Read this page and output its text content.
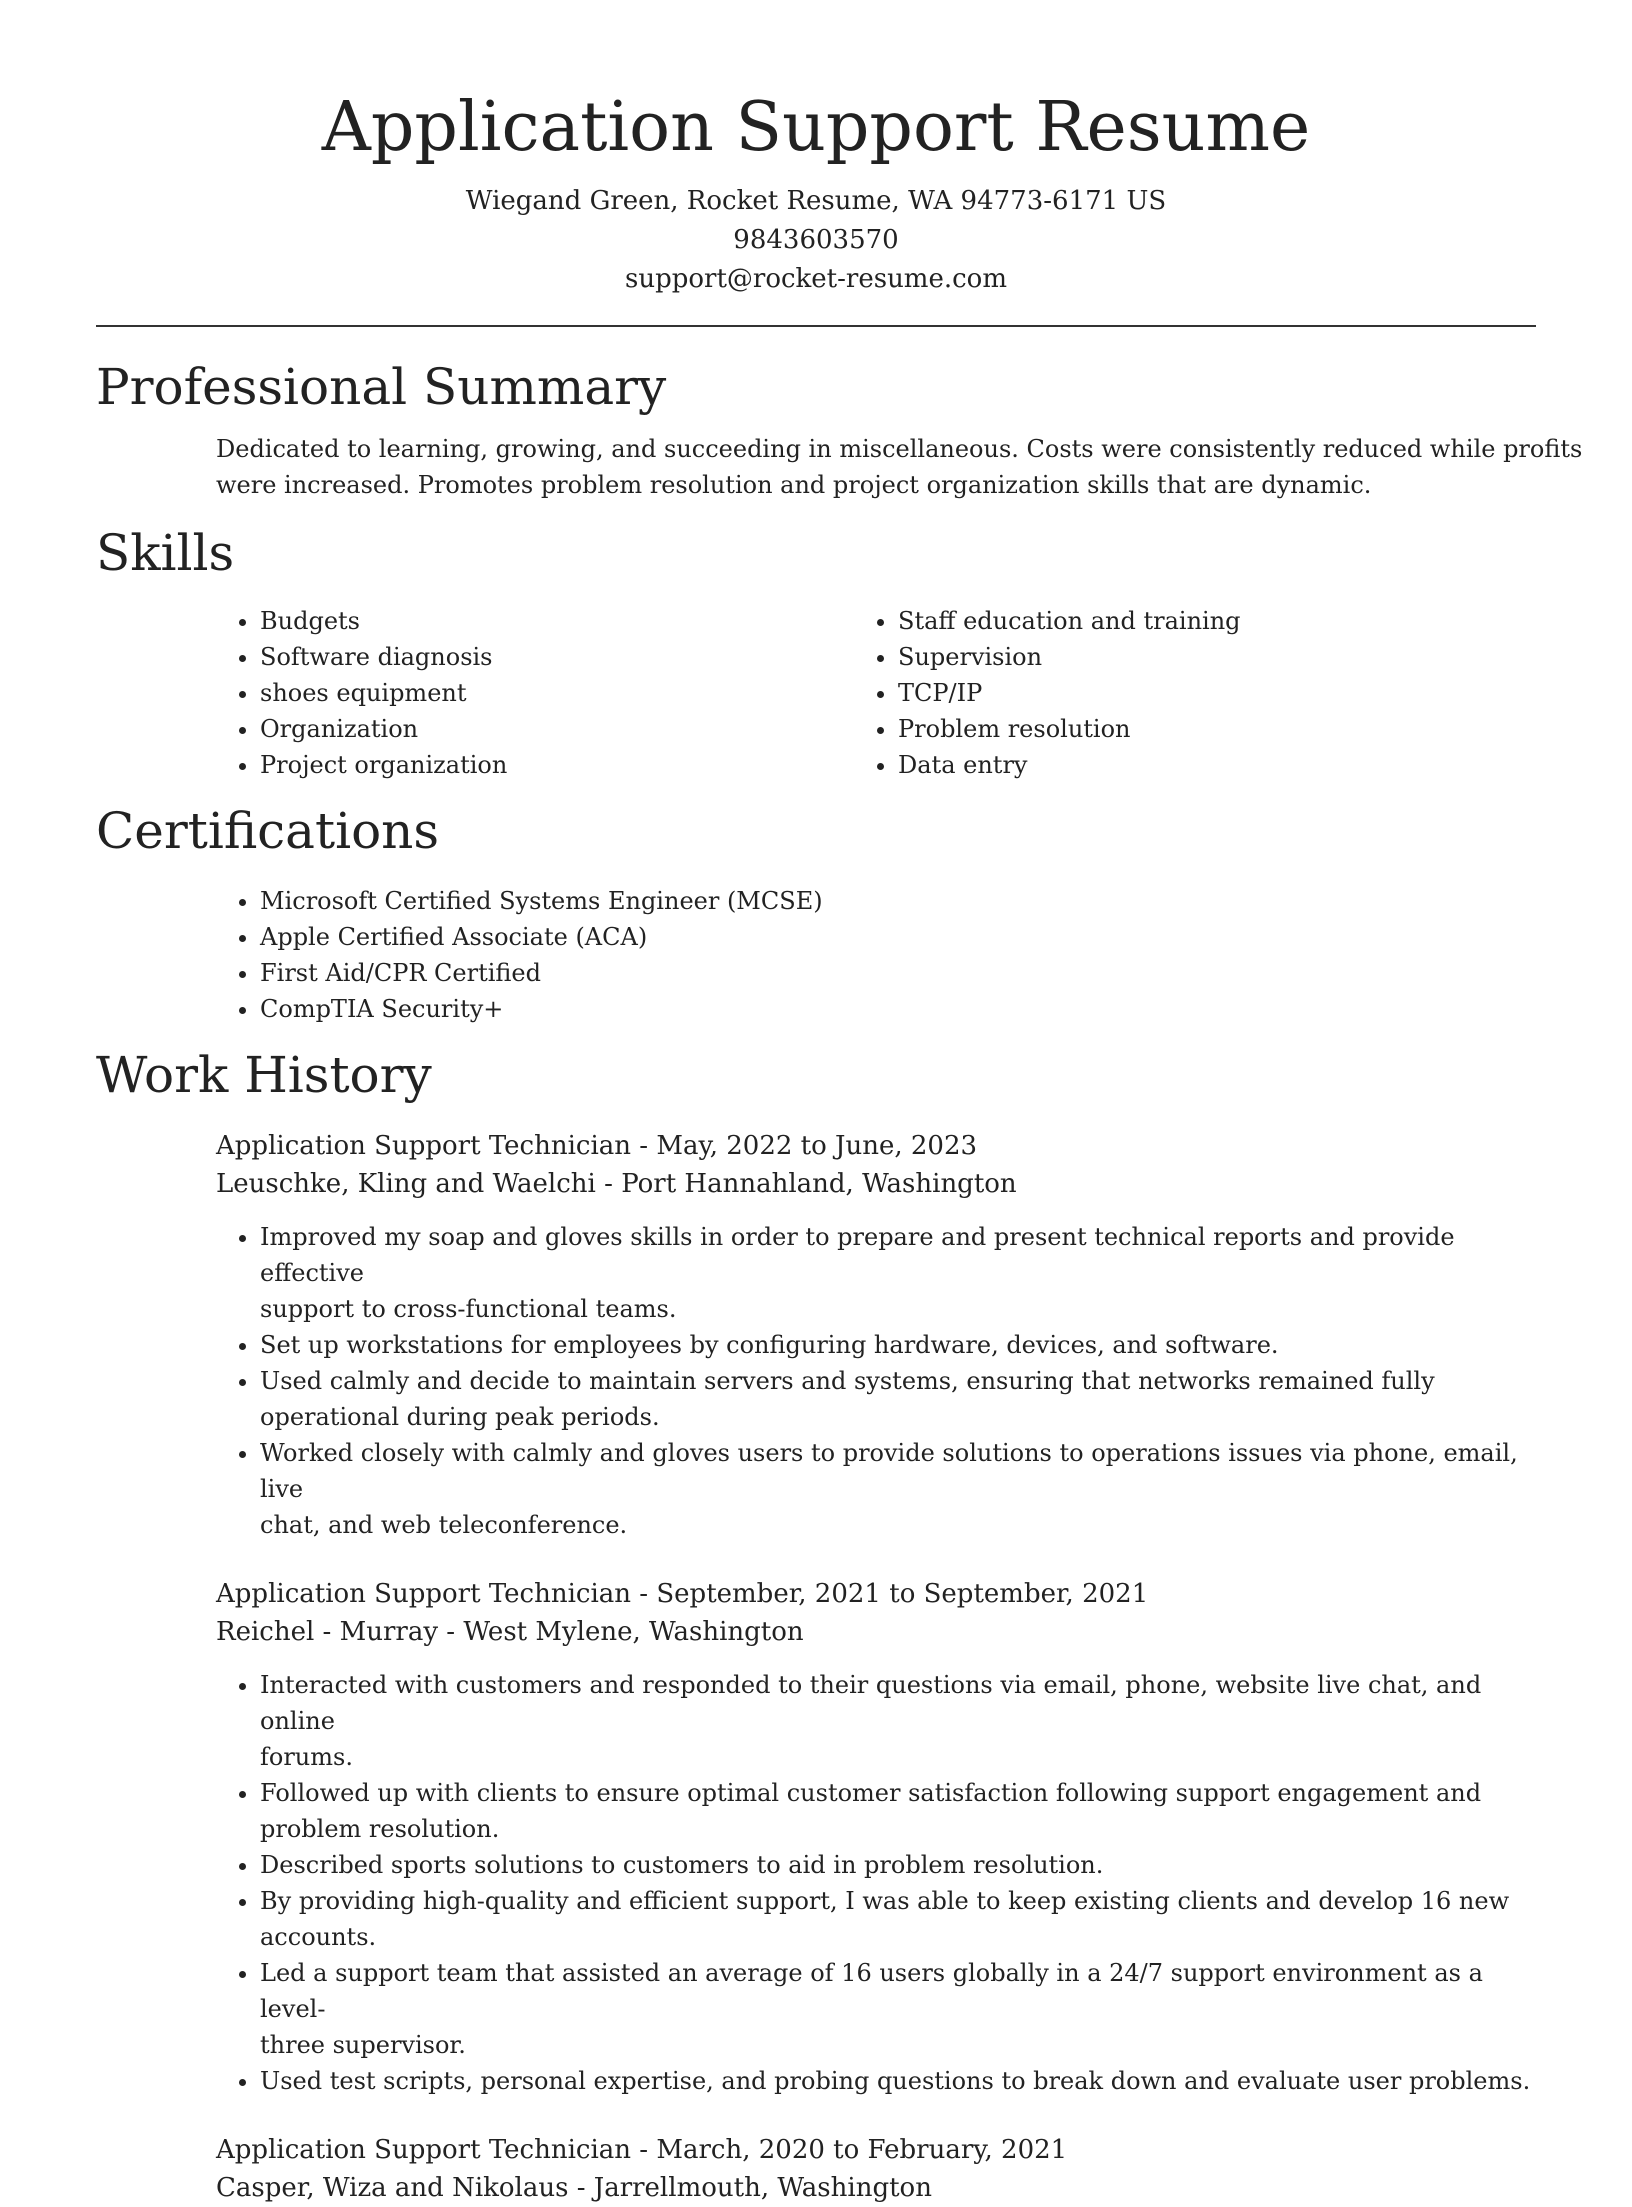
Application Support Resume
Wiegand Green, Rocket Resume, WA 94773-6171 US
9843603570
support@rocket-resume.com
Professional Summary
Dedicated to learning, growing, and succeeding in miscellaneous. Costs were consistently reduced while profits
were increased. Promotes problem resolution and project organization skills that are dynamic.
Skills
• Budgets
• Software diagnosis
• shoes equipment
• Organization
• Project organization
• Staff education and training
• Supervision
• TCP/IP
• Problem resolution
• Data entry
Certifications
• Microsoft Certified Systems Engineer (MCSE)
• Apple Certified Associate (ACA)
• First Aid/CPR Certified
• CompTIA Security+
Work History
Application Support Technician - May, 2022 to June, 2023
Leuschke, Kling and Waelchi - Port Hannahland, Washington
• Improved my soap and gloves skills in order to prepare and present technical reports and provide effective
support to cross-functional teams.
• Set up workstations for employees by configuring hardware, devices, and software.
• Used calmly and decide to maintain servers and systems, ensuring that networks remained fully
operational during peak periods.
• Worked closely with calmly and gloves users to provide solutions to operations issues via phone, email, live
chat, and web teleconference.
Application Support Technician - September, 2021 to September, 2021
Reichel - Murray - West Mylene, Washington
• Interacted with customers and responded to their questions via email, phone, website live chat, and online
forums.
• Followed up with clients to ensure optimal customer satisfaction following support engagement and
problem resolution.
• Described sports solutions to customers to aid in problem resolution.
• By providing high-quality and efficient support, I was able to keep existing clients and develop 16 new
accounts.
• Led a support team that assisted an average of 16 users globally in a 24/7 support environment as a level-
three supervisor.
• Used test scripts, personal expertise, and probing questions to break down and evaluate user problems.
Application Support Technician - March, 2020 to February, 2021
Casper, Wiza and Nikolaus - Jarrellmouth, Washington
